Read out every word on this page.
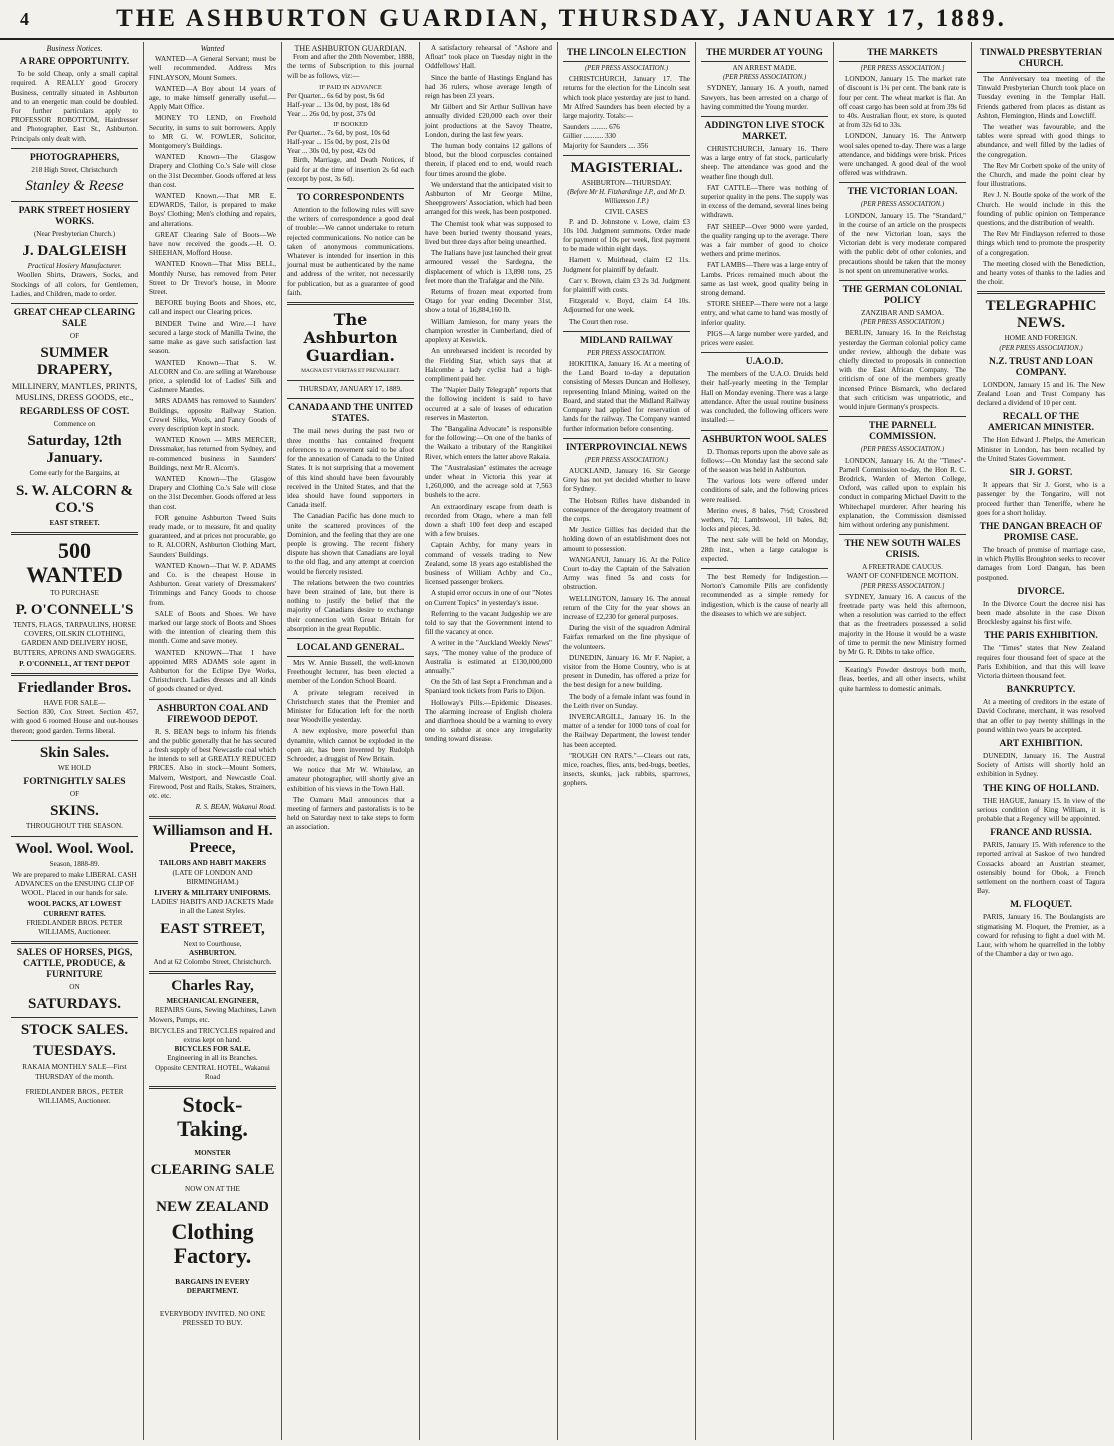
4	THE ASHBURTON GUARDIAN, THURSDAY, JANUARY 17, 1889.
Business Notices.
A RARE OPPORTUNITY.

To be sold Cheap, only a small capital required. A REALLY good Grocery Business, centrally situated in Ashburton and to an energetic man could be doubled. For further particulars apply to PROFESSOR ROBOTTOM, Hairdresser and Photographer, East St., Ashburton. Principals only dealt with.

PHOTOGRAPHERS,
218 High Street, Christchurch
Stanley & Reese
PARK STREET HOSIERY WORKS.
(Near Presbyterian Church.)
J. DALGLEISH
Practical Hosiery Manufacturer.

Woollen Shirts, Drawers, Socks, and Stockings of all colors, for Gentlemen, Ladies, and Children, made to order.

GREAT CHEAP CLEARING SALE
OF
SUMMER DRAPERY,
MILLINERY, MANTLES, PRINTS, MUSLINS, DRESS GOODS, etc.,
REGARDLESS OF COST.
Commence on
Saturday, 12th January.
Come early for the Bargains, at
S. W. ALCORN & CO.'S
EAST STREET.
500 WANTED
TO PURCHASE
P. O'CONNELL'S
TENTS, FLAGS, TARPAULINS, HORSE COVERS, OILSKIN CLOTHING, GARDEN AND DELIVERY HOSE, BUTTERS, APRONS AND SWAGGERS.
P. O'CONNELL, AT TENT DEPOT
Friedlander Bros.
HAVE FOR SALE—

Section 830, Cox Street. Section 457, with good 6 roomed House and out-houses thereon; good garden. Terms liberal.

Skin Sales.
WE HOLD
FORTNIGHTLY SALES
OF
SKINS.
THROUGHOUT THE SEASON.
Wool. Wool. Wool.
Season, 1888-89.
We are prepared to make LIBERAL CASH ADVANCES on the ENSUING CLIP OF WOOL. Placed in our hands for sale.
WOOL PACKS, AT LOWEST CURRENT RATES.
FRIEDLANDER BROS. PETER WILLIAMS, Auctioneer.
SALES OF HORSES, PIGS, CATTLE, PRODUCE, & FURNITURE
ON
SATURDAYS.
STOCK SALES.
TUESDAYS.
RAKAIA MONTHLY SALE—First THURSDAY of the month.
FRIEDLANDER BROS., PETER WILLIAMS, Auctioneer.
Wanted

WANTED—A General Servant; must be well recommended. Address Mrs FINLAYSON, Mount Somers.

WANTED—A Boy about 14 years of age, to make himself generally useful.—Apply Matt Office.

MONEY TO LEND, on Freehold Security, in sums to suit borrowers. Apply to MR G. W. FOWLER, Solicitor, Montgomery's Buildings.

WANTED Known—The Glasgow Drapery and Clothing Co.'s Sale will close on the 31st December. Goods offered at less than cost.

WANTED Known.—That MR E. EDWARDS, Tailor, is prepared to make Boys' Clothing; Men's clothing and repairs, and alterations.

GREAT Clearing Sale of Boots—We have now received the goods.—H. O. SHEEHAN, Mofford House.

WANTED Known—That Miss BELL, Monthly Nurse, has removed from Peter Street to Dr Trevor's house, in Moore Street.

BEFORE buying Boots and Shoes, etc, call and inspect our Clearing prices.

BINDER Twine and Wire.—I have secured a large stock of Manilla Twine, the same make as gave such satisfaction last season.

WANTED Known—That S. W. ALCORN and Co. are selling at Warehouse price, a splendid lot of Ladies' Silk and Cashmere Mantles.

MRS ADAMS has removed to Saunders' Buildings, opposite Railway Station. Crewel Silks, Wools, and Fancy Goods of every description kept in stock.

WANTED Known — MRS MERCER, Dressmaker, has returned from Sydney, and re-commenced business in Saunders' Buildings, next Mr R. Alcorn's.

WANTED Known—The Glasgow Drapery and Clothing Co.'s Sale will close on the 31st December. Goods offered at less than cost.

FOR genuine Ashburton Tweed Suits ready made, or to measure, fit and quality guaranteed, and at prices not procurable, go to R. ALCORN, Ashburton Clothing Mart, Saunders' Buildings.

WANTED Known—That W. P. ADAMS and Co. is the cheapest House in Ashburton. Great variety of Dressmakers' Trimmings and Fancy Goods to choose from.

SALE of Boots and Shoes. We have marked our large stock of Boots and Shoes with the intention of clearing them this month. Come and save money.

WANTED KNOWN—That I have appointed MRS ADAMS sole agent in Ashburton for the Eclipse Dye Works, Christchurch. Ladies dresses and all kinds of goods cleaned or dyed.

ASHBURTON COAL AND FIREWOOD DEPOT.

R. S. BEAN begs to inform his friends and the public generally that he has secured a fresh supply of best Newcastle coal which he intends to sell at GREATLY REDUCED PRICES. Also in stock—Mount Somers, Malvern, Westport, and Newcastle Coal. Firewood, Post and Rails, Stakes, Strainers, etc. etc.

R. S. BEAN, Wakanui Road.
Williamson and H. Preece,
TAILORS AND HABIT MAKERS
(LATE OF LONDON AND BIRMINGHAM.)
LIVERY & MILITARY UNIFORMS.
LADIES' HABITS AND JACKETS Made in all the Latest Styles.
EAST STREET,
Next to Courthouse,
ASHBURTON.
And at 62 Colombo Street, Christchurch.
Charles Ray,
MECHANICAL ENGINEER,

REPAIRS Guns, Sewing Machines, Lawn Mowers, Pumps, etc.

BICYCLES and TRICYCLES repaired and extras kept on hand.
BICYCLES FOR SALE.
Engineering in all its Branches.
Opposite CENTRAL HOTEL, Wakanui Road
Stock-Taking.
MONSTER
CLEARING SALE
NOW ON AT THE
NEW ZEALAND
Clothing Factory.
BARGAINS IN EVERY DEPARTMENT.
EVERYBODY INVITED. NO ONE PRESSED TO BUY.
THE ASHBURTON GUARDIAN.

From and after the 20th November, 1888, the terms of Subscription to this journal will be as follows, viz:—

IF PAID IN ADVANCE
Per Quarter... 6s 6d by post, 9s 6d
Half-year ... 13s 0d, by post, 18s 6d
Year ... 26s 0d, by post, 37s 0d
IF BOOKED
Per Quarter... 7s 6d, by post, 10s 6d
Half-year ... 15s 0d, by post, 21s 0d
Year ... 30s 0d, by post, 42s 0d

Birth, Marriage, and Death Notices, if paid for at the time of insertion 2s 6d each (except by post, 3s 6d).

TO CORRESPONDENTS

Attention to the following rules will save the writers of correspondence a good deal of trouble:—We cannot undertake to return rejected communications. No notice can be taken of anonymous communications. Whatever is intended for insertion in this journal must be authenticated by the name and address of the writer, not necessarily for publication, but as a guarantee of good faith.

The Ashburton Guardian.
MAGNA EST VERITAS ET PREVALEBIT.
THURSDAY, JANUARY 17, 1889.
CANADA AND THE UNITED STATES.

The mail news during the past two or three months has contained frequent references to a movement said to be afoot for the annexation of Canada to the United States. It is not surprising that a movement of this kind should have been favourably received in the United States, and that the idea should have found supporters in Canada itself.

The Canadian Pacific has done much to unite the scattered provinces of the Dominion, and the feeling that they are one people is growing. The recent fishery dispute has shown that Canadians are loyal to the old flag, and any attempt at coercion would be fiercely resisted.

The relations between the two countries have been strained of late, but there is nothing to justify the belief that the majority of Canadians desire to exchange their connection with Great Britain for absorption in the great Republic.

LOCAL AND GENERAL.

Mrs W. Annie Bussell, the well-known Freethought lecturer, has been elected a member of the London School Board.

A private telegram received in Christchurch states that the Premier and Minister for Education left for the north near Woodville yesterday.

A new explosive, more powerful than dynamite, which cannot be exploded in the open air, has been invented by Rudolph Schroeder, a druggist of New Britain.

We notice that Mr W. Whitelaw, an amateur photographer, will shortly give an exhibition of his views in the Town Hall.

The Oamaru Mail announces that a meeting of farmers and pastoralists is to be held on Saturday next to take steps to form an association.

A satisfactory rehearsal of "Ashore and Afloat" took place on Tuesday night in the Oddfellows' Hall.

Since the battle of Hastings England has had 36 rulers, whose average length of reign has been 23 years.

Mr Gilbert and Sir Arthur Sullivan have annually divided £20,000 each over their joint productions at the Savoy Theatre, London, during the last few years.

The human body contains 12 gallons of blood, but the blood corpuscles contained therein, if placed end to end, would reach four times around the globe.

We understand that the anticipated visit to Ashburton of Mr George Milne, Sheepgrowers' Association, which had been arranged for this week, has been postponed.

The Chemist took what was supposed to have been buried twenty thousand years, lived but three days after being unearthed.

The Italians have just launched their great armoured vessel the Sardegna, the displacement of which is 13,898 tons, 25 feet more than the Trafalgar and the Nile.

Returns of frozen meat exported from Otago for year ending December 31st, show a total of 16,884,160 lb.

William Jamieson, for many years the champion wrestler in Cumberland, died of apoplexy at Keswick.

An unrehearsed incident is recorded by the Fielding Star, which says that at Halcombe a lady cyclist had a high-compliment paid her.

The "Napier Daily Telegraph" reports that the following incident is said to have occurred at a sale of leases of education reserves in Masterton.

The "Bangalina Advocate" is responsible for the following:—On one of the banks of the Waikato a tributary of the Rangitikei River, which enters the latter above Rakaia.

The "Australasian" estimates the acreage under wheat in Victoria this year at 1,260,000, and the acreage sold at 7,563 bushels to the acre.

An extraordinary escape from death is recorded from Otago, where a man fell down a shaft 100 feet deep and escaped with a few bruises.

Captain Achby, for many years in command of vessels trading to New Zealand, some 18 years ago established the business of William Achby and Co., licensed passenger brokers.

A stupid error occurs in one of our "Notes on Current Topics" in yesterday's issue.

Referring to the vacant Judgeship we are told to say that the Government intend to fill the vacancy at once.

A writer in the "Auckland Weekly News" says, "The money value of the produce of Australia is estimated at £130,000,000 annually."

On the 5th of last Sept a Frenchman and a Spaniard took tickets from Paris to Dijon.

Holloway's Pills.—Epidemic Diseases. The alarming increase of English cholera and diarrhoea should be a warning to every one to subdue at once any irregularity tending toward disease.

THE LINCOLN ELECTION
(PER PRESS ASSOCIATION.)

CHRISTCHURCH, January 17. The returns for the election for the Lincoln seat which took place yesterday are just to hand. Mr Alfred Saunders has been elected by a large majority. Totals:—

Saunders ......... 676
Gillier ........... 330
Majority for Saunders .... 356
MAGISTERIAL.
ASHBURTON—THURSDAY.
(Before Mr H. Fitzhardinge J.P., and Mr D. Williamson J.P.)
CIVIL CASES

P. and D. Johnstone v. Lowe, claim £3 10s 10d. Judgment summons. Order made for payment of 10s per week, first payment to be made within eight days.

Harnett v. Muirhead, claim £2 11s. Judgment for plaintiff by default.

Carr v. Brown, claim £3 2s 3d. Judgment for plaintiff with costs.

Fitzgerald v. Boyd, claim £4 10s. Adjourned for one week.

The Court then rose.

MIDLAND RAILWAY
PER PRESS ASSOCIATION.

HOKITIKA, January 16. At a meeting of the Land Board to-day a deputation consisting of Messrs Duncan and Hollesey, representing Inland Mining, waited on the Board, and stated that the Midland Railway Company had applied for reservation of lands for the railway. The Company wanted further information before consenting.

INTERPROVINCIAL NEWS
(PER PRESS ASSOCIATION.)

AUCKLAND, January 16. Sir George Grey has not yet decided whether to leave for Sydney.

The Hobson Rifles have disbanded in consequence of the derogatory treatment of the corps.

Mr Justice Gillies has decided that the holding down of an establishment does not amount to possession.

WANGANUI, January 16. At the Police Court to-day the Captain of the Salvation Army was fined 5s and costs for obstruction.

WELLINGTON, January 16. The annual return of the City for the year shows an increase of £2,230 for general purposes.

During the visit of the squadron Admiral Fairfax remarked on the fine physique of the volunteers.

DUNEDIN, January 16. Mr F. Napier, a visitor from the Home Country, who is at present in Dunedin, has offered a prize for the best design for a new building.

The body of a female infant was found in the Leith river on Sunday.

INVERCARGILL, January 16. In the matter of a tender for 1000 tons of coal for the Railway Department, the lowest tender has been accepted.

"ROUGH ON RATS."—Clears out rats, mice, roaches, flies, ants, bed-bugs, beetles, insects, skunks, jack rabbits, sparrows, gophers.

THE MURDER AT YOUNG
AN ARREST MADE.
(PER PRESS ASSOCIATION.)

SYDNEY, January 16. A youth, named Sawyers, has been arrested on a charge of having committed the Young murder.

ADDINGTON LIVE STOCK MARKET.

CHRISTCHURCH, January 16. There was a large entry of fat stock, particularly sheep. The attendance was good and the weather fine though dull.

FAT CATTLE—There was nothing of superior quality in the pens. The supply was in excess of the demand, several lines being withdrawn.

FAT SHEEP—Over 9000 were yarded, the quality ranging up to the average. There was a fair number of good to choice wethers and prime merinos.

FAT LAMBS—There was a large entry of Lambs. Prices remained much about the same as last week, good quality being in strong demand.

STORE SHEEP—There were not a large entry, and what came to hand was mostly of inferior quality.

PIGS—A large number were yarded, and prices were easier.

U.A.O.D.

The members of the U.A.O. Druids held their half-yearly meeting in the Templar Hall on Monday evening. There was a large attendance. After the usual routine business was concluded, the following officers were installed:—

ASHBURTON WOOL SALES

D. Thomas reports upon the above sale as follows:—On Monday last the second sale of the season was held in Ashburton.

The various lots were offered under conditions of sale, and the following prices were realised.

Merino ewes, 8 bales, 7½d; Crossbred wethers, 7d; Lambswool, 10 bales, 8d; locks and pieces, 3d.

The next sale will be held on Monday, 28th inst., when a large catalogue is expected.

The best Remedy for Indigestion.—Norton's Camomile Pills are confidently recommended as a simple remedy for indigestion, which is the cause of nearly all the diseases to which we are subject.

THE MARKETS
[PER PRESS ASSOCIATION.]

LONDON, January 15. The market rate of discount is 1¾ per cent. The bank rate is four per cent. The wheat market is flat. An off coast cargo has been sold at from 39s 6d to 40s. Australian flour, ex store, is quoted at from 32s 6d to 33s.

LONDON, January 16. The Antwerp wool sales opened to-day. There was a large attendance, and biddings were brisk. Prices were unchanged. A good deal of the wool offered was withdrawn.

THE VICTORIAN LOAN.
(PER PRESS ASSOCIATION.)

LONDON, January 15. The "Standard," in the course of an article on the prospects of the new Victorian loan, says the Victorian debt is very moderate compared with the public debt of other colonies, and precautions should be taken that the money is not spent on unremunerative works.

THE GERMAN COLONIAL POLICY
ZANZIBAR AND SAMOA.
(PER PRESS ASSOCIATION.)

BERLIN, January 16. In the Reichstag yesterday the German colonial policy came under review, although the debate was chiefly directed to proposals in connection with the East African Company. The criticism of one of the members greatly incensed Prince Bismarck, who declared that such criticism was unpatriotic, and would injure Germany's prospects.

THE PARNELL COMMISSION.
(PER PRESS ASSOCIATION.)

LONDON, January 16. At the "Times"-Parnell Commission to-day, the Hon R. C. Brodrick, Warden of Merton College, Oxford, was called upon to explain his conduct in comparing Michael Davitt to the Whitechapel murderer. After hearing his explanation, the Commission dismissed him without ordering any punishment.

THE NEW SOUTH WALES CRISIS.
A FREETRADE CAUCUS.
WANT OF CONFIDENCE MOTION.
[PER PRESS ASSOCIATION.]

SYDNEY, January 16. A caucus of the freetrade party was held this afternoon, when a resolution was carried to the effect that as the freetraders possessed a solid majority in the House it would be a waste of time to permit the new Ministry formed by Mr G. R. Dibbs to take office.

Keating's Powder destroys both moth, fleas, beetles, and all other insects, whilst quite harmless to domestic animals.

TINWALD PRESBYTERIAN CHURCH.

The Anniversary tea meeting of the Tinwald Presbyterian Church took place on Tuesday evening in the Templar Hall. Friends gathered from places as distant as Ashton, Flemington, Hinds and Lowcliff.

The weather was favourable, and the tables were spread with good things to abundance, and well filled by the ladies of the congregation.

The Rev Mr Corbett spoke of the unity of the Church, and made the point clear by four illustrations.

Rev J. N. Boutle spoke of the work of the Church. He would include in this the founding of public opinion on Temperance questions, and the distribution of wealth.

The Rev Mr Findlayson referred to those things which tend to promote the prosperity of a congregation.

The meeting closed with the Benediction, and hearty votes of thanks to the ladies and the choir.

TELEGRAPHIC NEWS.
HOME AND FOREIGN.
(PER PRESS ASSOCIATION.)
N.Z. TRUST AND LOAN COMPANY.

LONDON, January 15 and 16. The New Zealand Loan and Trust Company has declared a dividend of 10 per cent.

RECALL OF THE AMERICAN MINISTER.

The Hon Edward J. Phelps, the American Minister in London, has been recalled by the United States Government.

SIR J. GORST.

It appears that Sir J. Gorst, who is a passenger by the Tongariro, will not proceed further than Teneriffe, where he goes for a short holiday.

THE DANGAN BREACH OF PROMISE CASE.

The breach of promise of marriage case, in which Phyllis Broughton seeks to recover damages from Lord Dangan, has been postponed.

DIVORCE.

In the Divorce Court the decree nisi has been made absolute in the case Dixon Brocklesby against his first wife.

THE PARIS EXHIBITION.

The "Times" states that New Zealand requires four thousand feet of space at the Paris Exhibition, and that this will leave Victoria thirteen thousand feet.

BANKRUPTCY.

At a meeting of creditors in the estate of David Cochrane, merchant, it was resolved that an offer to pay twenty shillings in the pound within two years be accepted.

ART EXHIBITION.

DUNEDIN, January 16. The Austral Society of Artists will shortly hold an exhibition in Sydney.

THE KING OF HOLLAND.

THE HAGUE, January 15. In view of the serious condition of King William, it is probable that a Regency will be appointed.

FRANCE AND RUSSIA.

PARIS, January 15. With reference to the reported arrival at Saskoe of two hundred Cossacks aboard an Austrian steamer, ostensibly bound for Obok, a French settlement on the northern coast of Tagura Bay.

M. FLOQUET.

PARIS, January 16. The Boulangists are stigmatising M. Floquet, the Premier, as a coward for refusing to fight a duel with M. Laur, with whom he quarrelled in the lobby of the Chamber a day or two ago.
